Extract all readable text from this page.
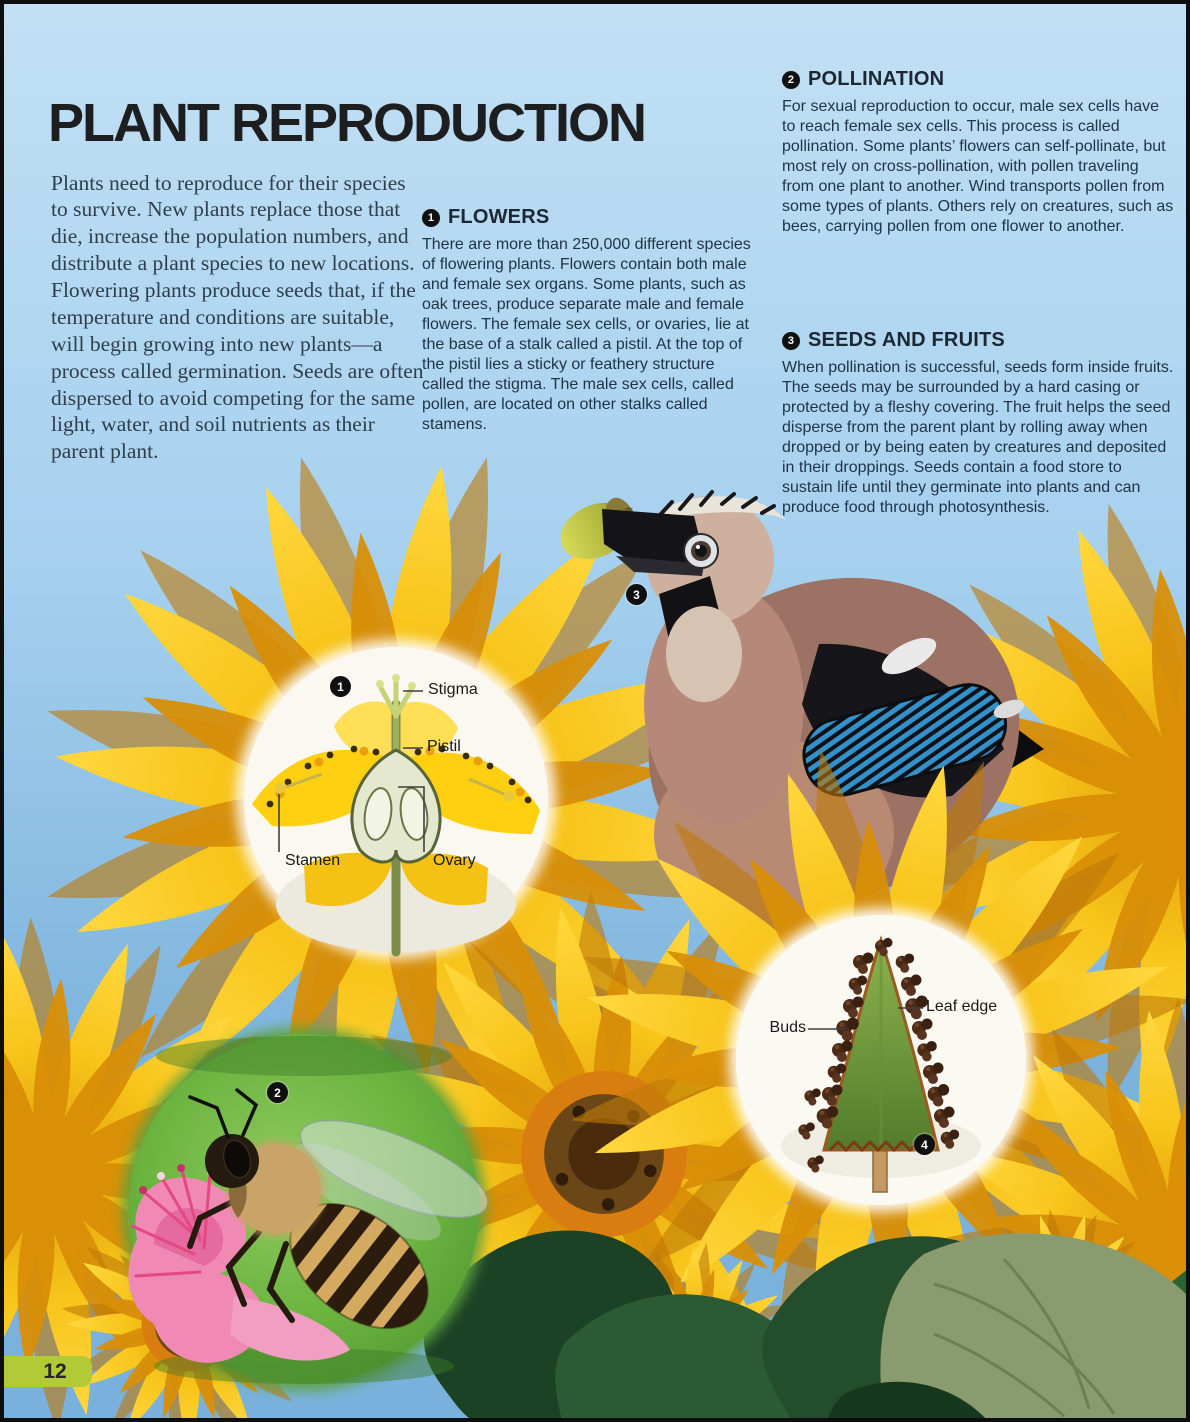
PLANT REPRODUCTION

Plants need to reproduce for their species to survive. New plants replace those that die, increase the population numbers, and distribute a plant species to new locations. Flowering plants produce seeds that, if the temperature and conditions are suitable, will begin growing into new plants—a process called germination. Seeds are often dispersed to avoid competing for the same light, water, and soil nutrients as their parent plant.

1 FLOWERS
There are more than 250,000 different species of flowering plants. Flowers contain both male and female sex organs. Some plants, such as oak trees, produce separate male and female flowers. The female sex cells, or ovaries, lie at the base of a stalk called a pistil. At the top of the pistil lies a sticky or feathery structure called the stigma. The male sex cells, called pollen, are located on other stalks called stamens.
2 POLLINATION
For sexual reproduction to occur, male sex cells have to reach female sex cells. This process is called pollination. Some plants’ flowers can self-pollinate, but most rely on cross-pollination, with pollen traveling from one plant to another. Wind transports pollen from some types of plants. Others rely on creatures, such as bees, carrying pollen from one flower to another.
3 SEEDS AND FRUITS
When pollination is successful, seeds form inside fruits. The seeds may be surrounded by a hard casing or protected by a fleshy covering. The fruit helps the seed disperse from the parent plant by rolling away when dropped or by being eaten by creatures and deposited in their droppings. Seeds contain a food store to sustain life until they germinate into plants and can produce food through photosynthesis.
Stigma
Pistil
Stamen	Ovary
Buds
Leaf edge
1
2
3
4
12
